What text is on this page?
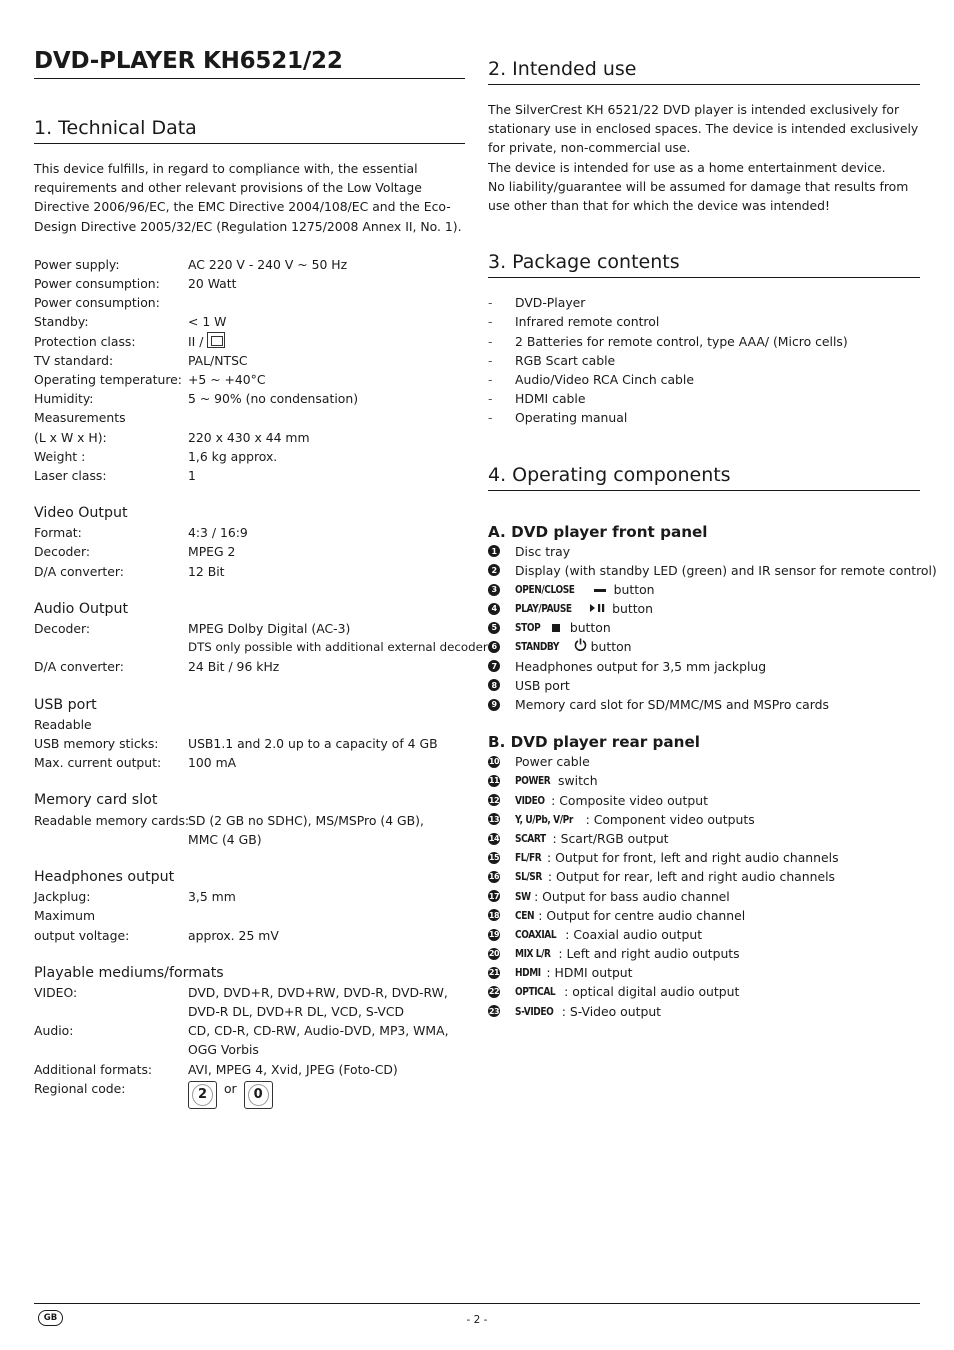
DVD-PLAYER KH6521/22
1. Technical Data
This device fulfills, in regard to compliance with, the essential requirements and other relevant provisions of the Low Voltage Directive 2006/96/EC, the EMC Directive 2004/108/EC and the Eco-Design Directive 2005/32/EC (Regulation 1275/2008 Annex II, No. 1).
Power supply:	AC 220 V - 240 V ~ 50 Hz
Power consumption:	20 Watt
Power consumption:
Standby:	< 1 W
Protection class:	II /
TV standard:	PAL/NTSC
Operating temperature: +5 ~ +40°C
Humidity:	5 ~ 90% (no condensation)
Measurements
(L x W x H):	220 x 430 x 44 mm
Weight :	1,6 kg approx.
Laser class:	1
Video Output
Format:	4:3 / 16:9
Decoder:	MPEG 2
D/A converter:	12 Bit
Audio Output
Decoder:	MPEG Dolby Digital (AC-3)
DTS only possible with additional external decoder
D/A converter:	24 Bit / 96 kHz
USB port
Readable
USB memory sticks:	USB1.1 and 2.0 up to a capacity of 4 GB
Max. current output:	100 mA
Memory card slot
Readable memory cards:
SD (2 GB no SDHC), MS/MSPro (4 GB),
MMC (4 GB)
Headphones output
Jackplug:	3,5 mm
Maximum
output voltage:	approx. 25 mV
Playable mediums/formats
VIDEO:	DVD, DVD+R, DVD+RW, DVD-R, DVD-RW,
DVD-R DL, DVD+R DL, VCD, S-VCD
Audio:	CD, CD-R, CD-RW, Audio-DVD, MP3, WMA,
OGG Vorbis
Additional formats:	AVI, MPEG 4, Xvid, JPEG (Foto-CD)
Regional code:	2 or 0
2. Intended use
The SilverCrest KH 6521/22 DVD player is intended exclusively for stationary use in enclosed spaces. The device is intended exclusively for private, non-commercial use.
The device is intended for use as a home entertainment device.
No liability/guarantee will be assumed for damage that results from use other than that for which the device was intended!
3. Package contents
-	DVD-Player
-	Infrared remote control
-	2 Batteries for remote control, type AAA/ (Micro cells)
-	RGB Scart cable
-	Audio/Video RCA Cinch cable
-	HDMI cable
-	Operating manual
4. Operating components
A. DVD player front panel
1 Disc tray
2 Display (with standby LED (green) and IR sensor for remote control)
3	OPEN/CLOSE	button
4	PLAY/PAUSE	button
5	STOP button
6	STANDBY	button
7 Headphones output for 3,5 mm jackplug
8 USB port
9 Memory card slot for SD/MMC/MS and MSPro cards
B. DVD player rear panel
10 Power cable
11 POWER switch
12 VIDEO : Composite video output
13 Y, U/Pb, V/Pr : Component video outputs
14 SCART : Scart/RGB output
15 FL/FR : Output for front, left and right audio channels
16 SL/SR : Output for rear, left and right audio channels
17 SW : Output for bass audio channel
18 CEN : Output for centre audio channel
19 COAXIAL : Coaxial audio output
20 MIX L/R : Left and right audio outputs
21 HDMI : HDMI output
22 OPTICAL : optical digital audio output
23 S-VIDEO : S-Video output
GB	- 2 -
